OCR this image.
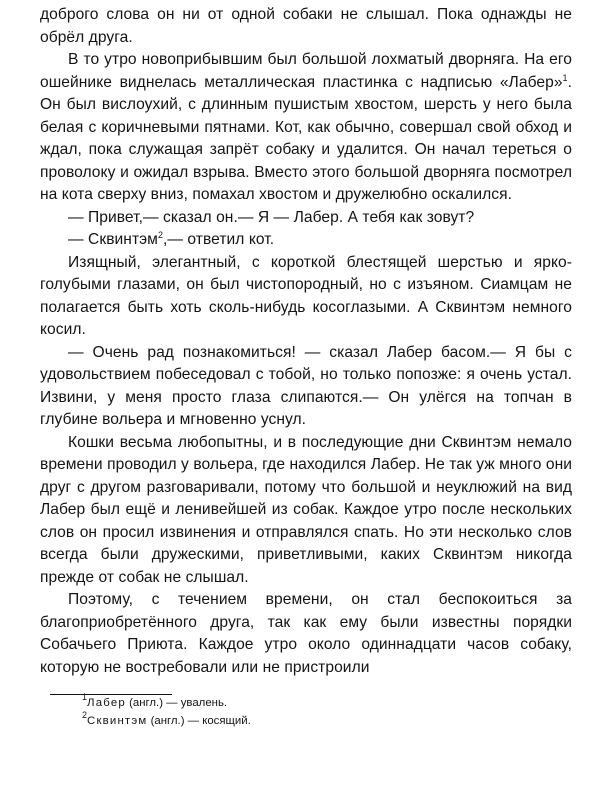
доброго слова он ни от одной собаки не слышал. Пока однажды не обрёл друга.

В то утро новоприбывшим был большой лохматый дворняга. На его ошейнике виднелась металлическая пластинка с надписью «Лабер»$^1$. Он был вислоухий, с длинным пушистым хвостом, шерсть у него была белая с коричневыми пятнами. Кот, как обычно, совершал свой обход и ждал, пока служащая запрёт собаку и удалится. Он начал тереться о проволоку и ожидал взрыва. Вместо этого большой дворняга посмотрел на кота сверху вниз, помахал хвостом и дружелюбно оскалился.

— Привет,— сказал он.— Я — Лабер. А тебя как зовут?

— Сквинтэм$^2$,— ответил кот.

Изящный, элегантный, с короткой блестящей шерстью и ярко-голубыми глазами, он был чистопородный, но с изъяном. Сиамцам не полагается быть хоть сколь-нибудь косоглазыми. А Сквинтэм немного косил.

— Очень рад познакомиться! — сказал Лабер басом.— Я бы с удовольствием побеседовал с тобой, но только попозже: я очень устал. Извини, у меня просто глаза слипаются.— Он улёгся на топчан в глубине вольера и мгновенно уснул.

Кошки весьма любопытны, и в последующие дни Сквинтэм немало времени проводил у вольера, где находился Лабер. Не так уж много они друг с другом разговаривали, потому что большой и неуклюжий на вид Лабер был ещё и ленивейшей из собак. Каждое утро после нескольких слов он просил извинения и отправлялся спать. Но эти несколько слов всегда были дружескими, приветливыми, каких Сквинтэм никогда прежде от собак не слышал.

Поэтому, с течением времени, он стал беспокоиться за благоприобретённого друга, так как ему были известны порядки Собачьего Приюта. Каждое утро около одиннадцати часов собаку, которую не востребовали или не пристроили

$^1$Лабер (англ.) — увалень.

$^2$Сквинтэм (англ.) — косящий.
